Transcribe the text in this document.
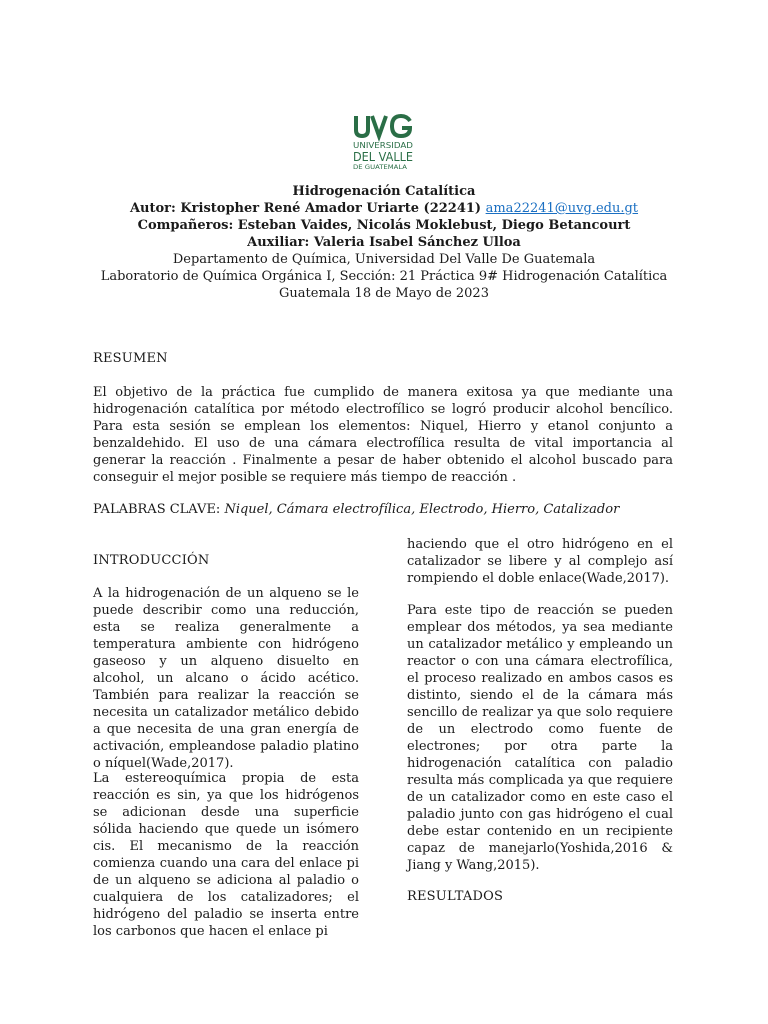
UNIVERSIDAD
DEL VALLE
DE GUATEMALA
Hidrogenación Catalítica
Autor: Kristopher René Amador Uriarte (22241) ama22241@uvg.edu.gt
Compañeros: Esteban Vaides, Nicolás Moklebust, Diego Betancourt
Auxiliar: Valeria Isabel Sánchez Ulloa
Departamento de Química, Universidad Del Valle De Guatemala
Laboratorio de Química Orgánica I, Sección: 21 Práctica 9# Hidrogenación Catalítica
Guatemala 18 de Mayo de 2023
RESUMEN
El objetivo de la práctica fue cumplido de manera exitosa ya que mediante una hidrogenación catalítica por método electrofílico se logró producir alcohol bencílico. Para esta sesión se emplean los elementos: Niquel, Hierro y etanol conjunto a benzaldehido. El uso de una cámara electrofílica resulta de vital importancia al generar la reacción . Finalmente a pesar de haber obtenido el alcohol buscado para conseguir el mejor posible se requiere más tiempo de reacción .
PALABRAS CLAVE: Niquel, Cámara electrofílica, Electrodo, Hierro, Catalizador
INTRODUCCIÓN
A la hidrogenación de un alqueno se le puede describir como una reducción, esta se realiza generalmente a temperatura ambiente con hidrógeno gaseoso y un alqueno disuelto en alcohol, un alcano o ácido acético. También para realizar la reacción se necesita un catalizador metálico debido a que necesita de una gran energía de activación, empleandose paladio platino o níquel(Wade,2017).
La estereoquímica propia de esta reacción es sin, ya que los hidrógenos se adicionan desde una superficie sólida haciendo que quede un isómero cis. El mecanismo de la reacción comienza cuando una cara del enlace pi de un alqueno se adiciona al paladio o cualquiera de los catalizadores; el hidrógeno del paladio se inserta entre los carbonos que hacen el enlace pi
haciendo que el otro hidrógeno en el catalizador se libere y al complejo así rompiendo el doble enlace(Wade,2017).
Para este tipo de reacción se pueden emplear dos métodos, ya sea mediante un catalizador metálico y empleando un reactor o con una cámara electrofílica, el proceso realizado en ambos casos es distinto, siendo el de la cámara más sencillo de realizar ya que solo requiere de un electrodo como fuente de electrones; por otra parte la hidrogenación catalítica con paladio resulta más complicada ya que requiere de un catalizador como en este caso el paladio junto con gas hidrógeno el cual debe estar contenido en un recipiente capaz de manejarlo(Yoshida,2016 & Jiang y Wang,2015).
RESULTADOS
